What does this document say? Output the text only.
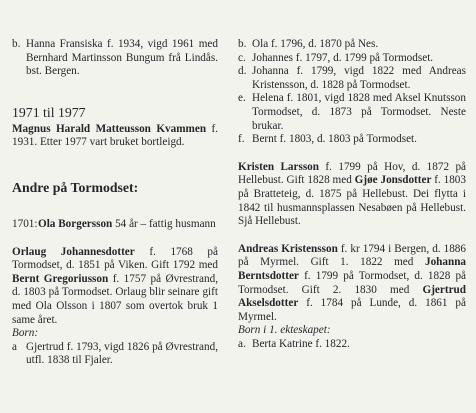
b. Hanna Fransiska f. 1934, vigd 1961 med Bernhard Martinsson Bungum frå Lindås. bst. Bergen.
1971 til 1977
Magnus Harald Matteusson Kvammen f. 1931. Etter 1977 vart bruket bortleigd.
Andre på Tormodset:
1701: Ola Borgersson 54 år – fattig husmann
Orlaug Johannesdotter f. 1768 på Tormodset, d. 1851 på Viken. Gift 1792 med Bernt Gregoriusson f. 1757 på Øvrestrand, d. 1803 på Tormodset. Orlaug blir seinare gift med Ola Olsson i 1807 som overtok bruk 1 same året.
Born:
a Gjertrud f. 1793, vigd 1826 på Øvrestrand, utfl. 1838 til Fjaler.
b. Ola f. 1796, d. 1870 på Nes.
c. Johannes f. 1797, d. 1799 på Tormodset.
d. Johanna f. 1799, vigd 1822 med Andreas Kristensson, d. 1828 på Tormodset.
e. Helena f. 1801, vigd 1828 med Aksel Knutsson Tormodset, d. 1873 på Tormodset. Neste brukar.
f. Bernt f. 1803, d. 1803 på Tormodset.
Kristen Larsson f. 1799 på Hov, d. 1872 på Hellebust. Gift 1828 med Gjøe Jonsdotter f. 1803 på Bratteteig, d. 1875 på Hellebust. Dei flytta i 1842 til husmannsplassen Nesabøen på Hellebust. Sjå Hellebust.
Andreas Kristensson f. kr 1794 i Bergen, d. 1886 på Myrmel. Gift 1. 1822 med Johanna Berntsdotter f. 1799 på Tormodset, d. 1828 på Tormodset. Gift 2. 1830 med Gjertrud Akselsdotter f. 1784 på Lunde, d. 1861 på Myrmel.
Born i 1. ekteskapet:
a. Berta Katrine f. 1822.
